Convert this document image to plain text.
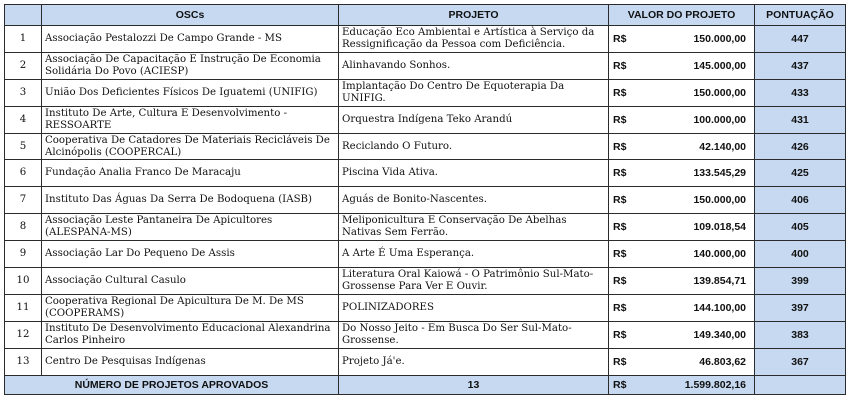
	OSCs	PROJETO	VALOR DO PROJETO		PONTUAÇÃO
1	Associação Pestalozzi De Campo Grande - MS	Educação Eco Ambiental e Artística à Serviço da Ressignificação da Pessoa com Deficiência.	R$	150.000,00	447
2	Associação De Capacitação E Instrução De Economia Solidária Do Povo (ACIESP)	Alinhavando Sonhos.	R$	145.000,00	437
3	União Dos Deficientes Físicos De Iguatemi (UNIFIG)	Implantação Do Centro De Equoterapia Da UNIFIG.	R$	150.000,00	433
4	Instituto De Arte, Cultura E Desenvolvimento - RESSOARTE	Orquestra Indígena Teko Arandú	R$	100.000,00	431
5	Cooperativa De Catadores De Materiais Recicláveis De Alcinópolis (COOPERCAL)	Reciclando O Futuro.	R$	42.140,00	426
6	Fundação Analia Franco De Maracaju	Piscina Vida Ativa.	R$	133.545,29	425
7	Instituto Das Águas Da Serra De Bodoquena (IASB)	Aguás de Bonito-Nascentes.	R$	150.000,00	406
8	Associação Leste Pantaneira De Apicultores (ALESPANA-MS)	Meliponicultura E Conservação De Abelhas Nativas Sem Ferrão.	R$	109.018,54	405
9	Associação Lar Do Pequeno De Assis	A Arte É Uma Esperança.	R$	140.000,00	400
10	Associação Cultural Casulo	Literatura Oral Kaiowá - O Patrimônio Sul-Mato-Grossense Para Ver E Ouvir.	R$	139.854,71	399
11	Cooperativa Regional De Apicultura De M. De MS (COOPERAMS)	POLINIZADORES	R$	144.100,00	397
12	Instituto De Desenvolvimento Educacional Alexandrina Carlos Pinheiro	Do Nosso Jeito - Em Busca Do Ser Sul-Mato-Grossense.	R$	149.340,00	383
13	Centro De Pesquisas Indígenas	Projeto Já'e.	R$	46.803,62	367
NÚMERO DE PROJETOS APROVADOS		13	R$	1.599.802,16	
